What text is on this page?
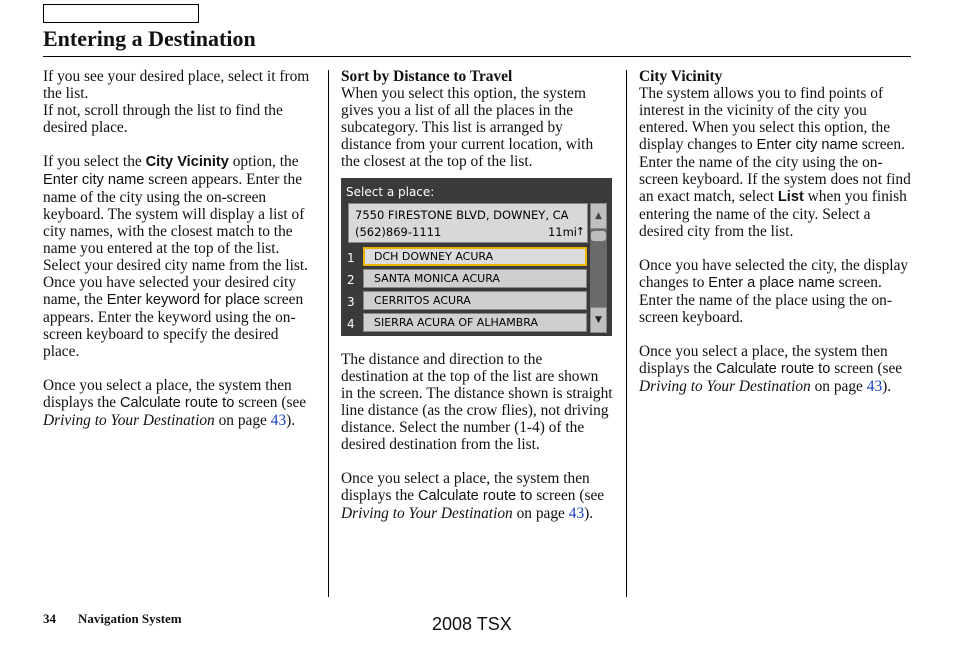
Entering a Destination

If you see your desired place, select it from the list.

If not, scroll through the list to find the desired place.

If you select the City Vicinity option, the Enter city name screen appears. Enter the name of the city using the on-screen keyboard. The system will display a list of city names, with the closest match to the name you entered at the top of the list. Select your desired city name from the list. Once you have selected your desired city name, the Enter keyword for place screen appears. Enter the keyword using the on-screen keyboard to specify the desired place.

Once you select a place, the system then displays the Calculate route to screen (see Driving to Your Destination on page 43).

Sort by Distance to Travel
When you select this option, the system gives you a list of all the places in the subcategory. This list is arranged by distance from your current location, with the closest at the top of the list.

Select a place:
7550 FIRESTONE BLVD, DOWNEY, CA
(562)869-1111	11mi
↑
1	DCH DOWNEY ACURA
2	SANTA MONICA ACURA
3	CERRITOS ACURA
4	SIERRA ACURA OF ALHAMBRA
▲
▼

The distance and direction to the destination at the top of the list are shown in the screen. The distance shown is straight line distance (as the crow flies), not driving distance. Select the number (1-4) of the desired destination from the list.

Once you select a place, the system then displays the Calculate route to screen (see Driving to Your Destination on page 43).

City Vicinity
The system allows you to find points of interest in the vicinity of the city you entered. When you select this option, the display changes to Enter city name screen. Enter the name of the city using the on-screen keyboard. If the system does not find an exact match, select List when you finish entering the name of the city. Select a desired city from the list.

Once you have selected the city, the display changes to Enter a place name screen. Enter the name of the place using the on-screen keyboard.

Once you select a place, the system then displays the Calculate route to screen (see Driving to Your Destination on page 43).

34 Navigation System	2008 TSX
